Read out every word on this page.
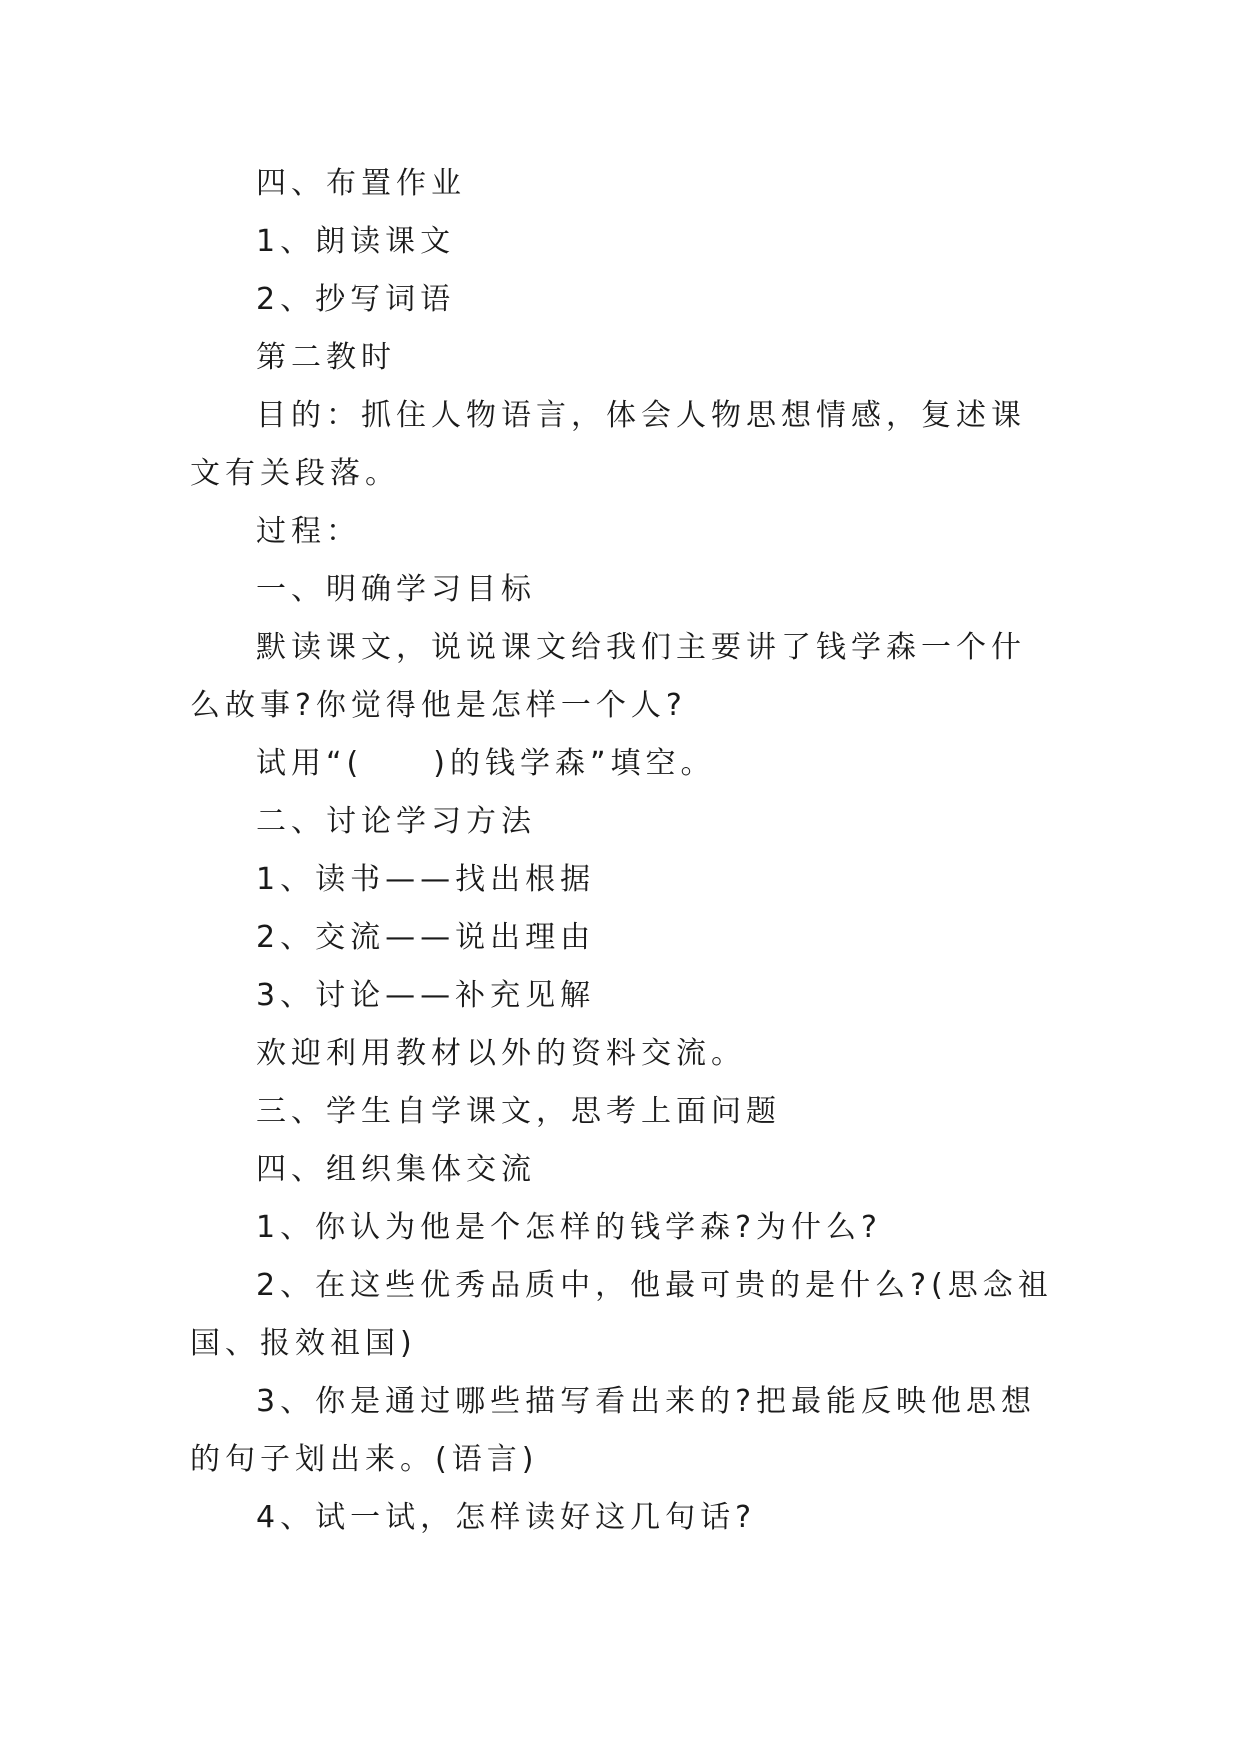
四、布置作业

1、朗读课文

2、抄写词语

第二教时

目的：抓住人物语言，体会人物思想情感，复述课文有关段落。

过程：

一、明确学习目标

默读课文，说说课文给我们主要讲了钱学森一个什么故事?你觉得他是怎样一个人?

试用“(　　)的钱学森”填空。

二、讨论学习方法

1、读书——找出根据

2、交流——说出理由

3、讨论——补充见解

欢迎利用教材以外的资料交流。

三、学生自学课文，思考上面问题

四、组织集体交流

1、你认为他是个怎样的钱学森?为什么?

2、在这些优秀品质中，他最可贵的是什么?(思念祖国、报效祖国)

3、你是通过哪些描写看出来的?把最能反映他思想的句子划出来。(语言)

4、试一试，怎样读好这几句话?
